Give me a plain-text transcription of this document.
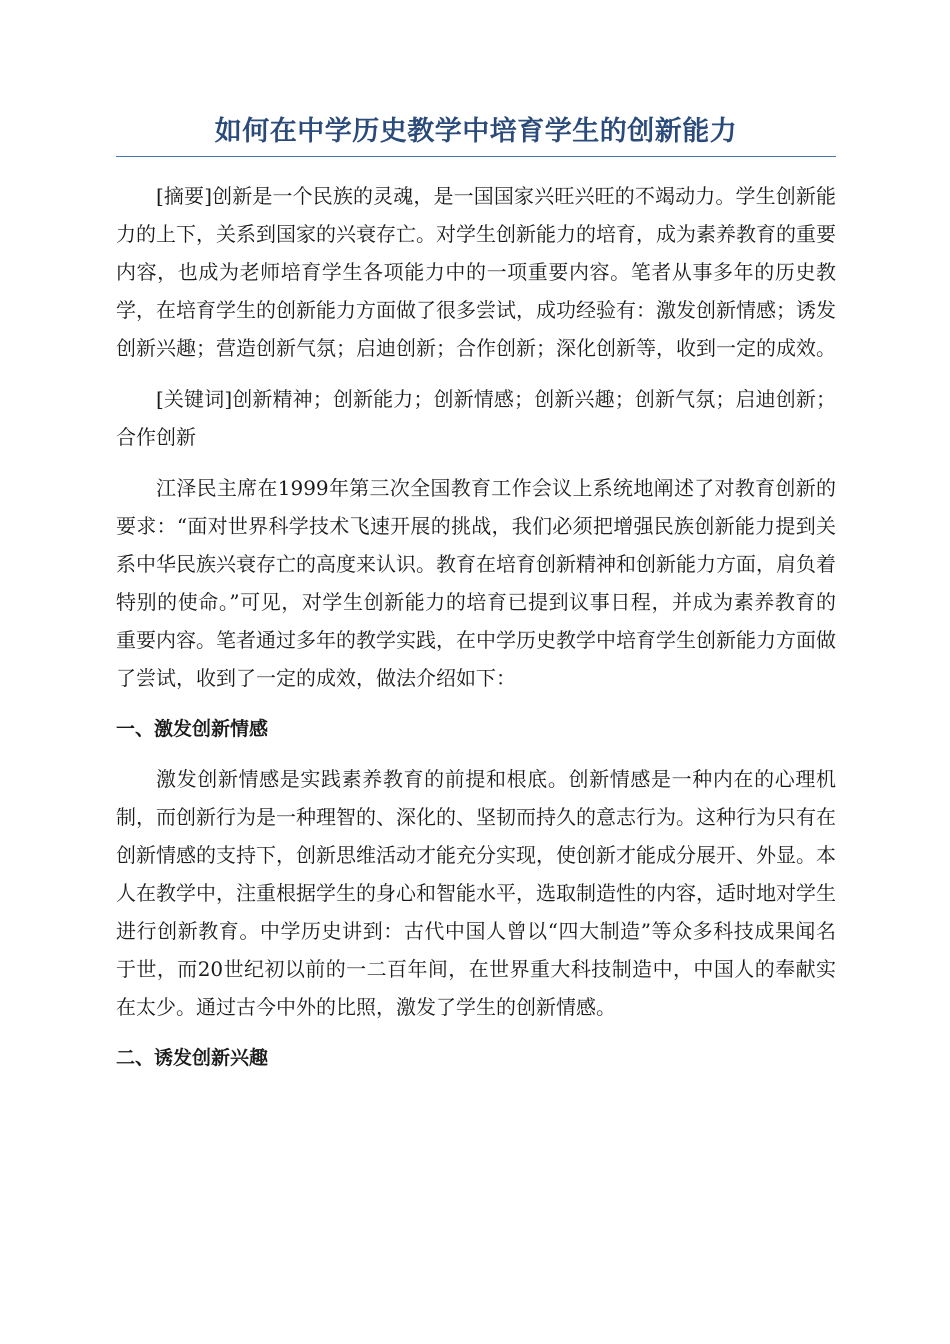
如何在中学历史教学中培育学生的创新能力

[摘要]创新是一个民族的灵魂，是一国国家兴旺兴旺的不竭动力。学生创新能力的上下，关系到国家的兴衰存亡。对学生创新能力的培育，成为素养教育的重要内容，也成为老师培育学生各项能力中的一项重要内容。笔者从事多年的历史教学，在培育学生的创新能力方面做了很多尝试，成功经验有：激发创新情感；诱发创新兴趣；营造创新气氛；启迪创新；合作创新；深化创新等，收到一定的成效。

[关键词]创新精神；创新能力；创新情感；创新兴趣；创新气氛；启迪创新；合作创新

江泽民主席在1999年第三次全国教育工作会议上系统地阐述了对教育创新的要求：“面对世界科学技术飞速开展的挑战，我们必须把增强民族创新能力提到关系中华民族兴衰存亡的高度来认识。教育在培育创新精神和创新能力方面，肩负着特别的使命。”可见，对学生创新能力的培育已提到议事日程，并成为素养教育的重要内容。笔者通过多年的教学实践，在中学历史教学中培育学生创新能力方面做了尝试，收到了一定的成效，做法介绍如下：

一、激发创新情感

激发创新情感是实践素养教育的前提和根底。创新情感是一种内在的心理机制，而创新行为是一种理智的、深化的、坚韧而持久的意志行为。这种行为只有在创新情感的支持下，创新思维活动才能充分实现，使创新才能成分展开、外显。本人在教学中，注重根据学生的身心和智能水平，选取制造性的内容，适时地对学生进行创新教育。中学历史讲到：古代中国人曾以“四大制造”等众多科技成果闻名于世，而20世纪初以前的一二百年间，在世界重大科技制造中，中国人的奉献实在太少。通过古今中外的比照，激发了学生的创新情感。

二、诱发创新兴趣
